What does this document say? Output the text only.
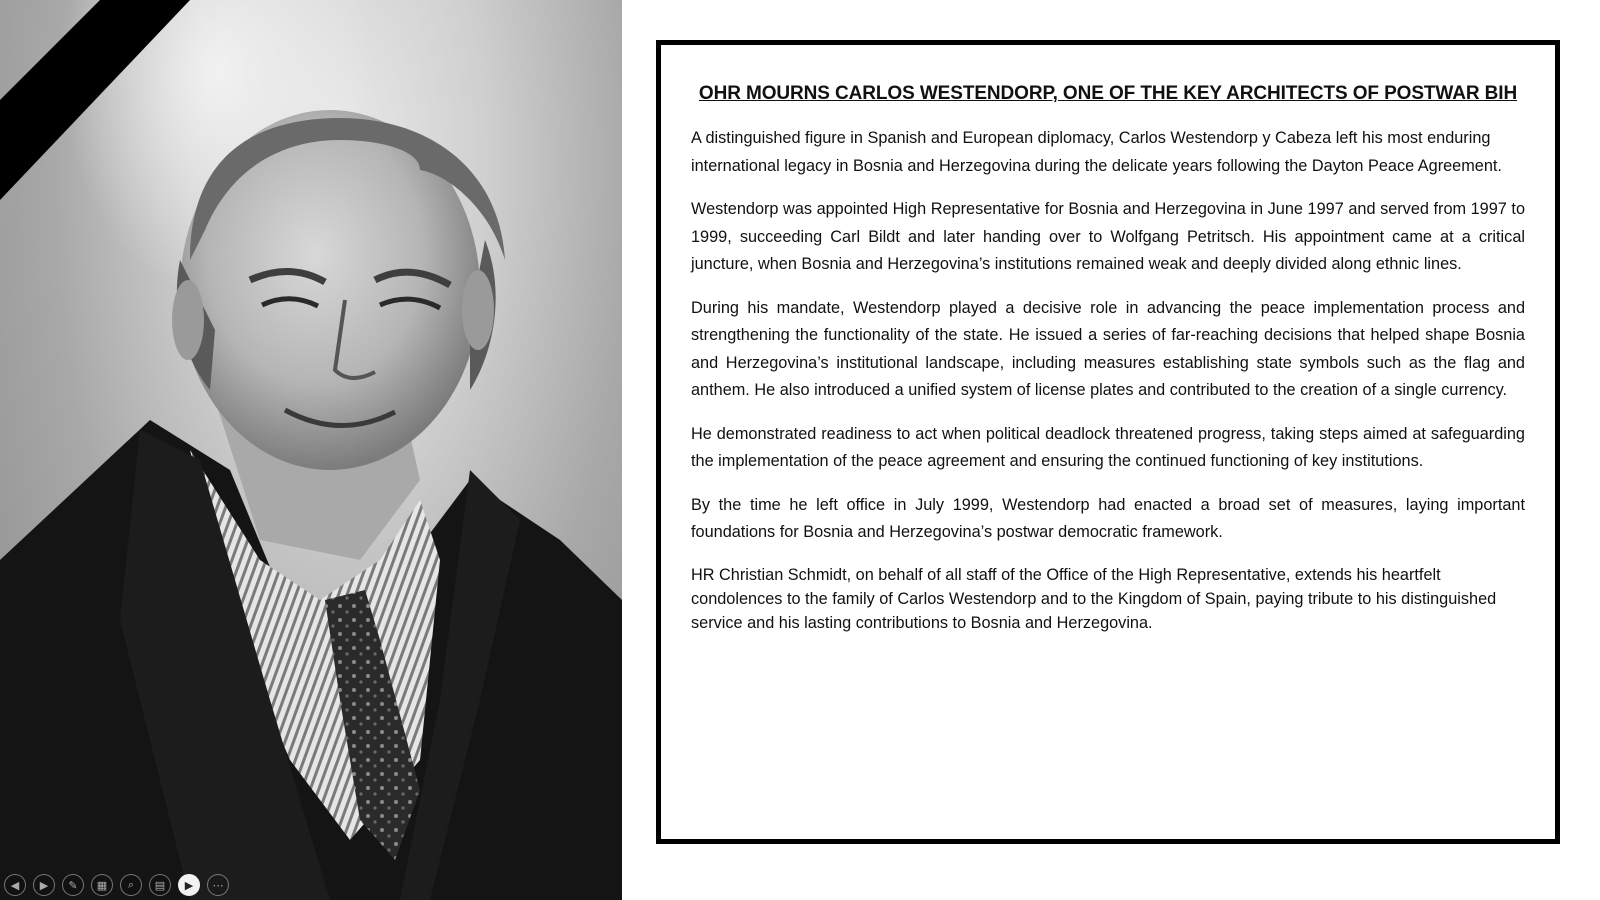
OHR MOURNS CARLOS WESTENDORP, ONE OF THE KEY ARCHITECTS OF POSTWAR BIH

A distinguished figure in Spanish and European diplomacy, Carlos Westendorp y Cabeza left his most enduring international legacy in Bosnia and Herzegovina during the delicate years following the Dayton Peace Agreement.

Westendorp was appointed High Representative for Bosnia and Herzegovina in June 1997 and served from 1997 to 1999, succeeding Carl Bildt and later handing over to Wolfgang Petritsch. His appointment came at a critical juncture, when Bosnia and Herzegovina’s institutions remained weak and deeply divided along ethnic lines.

During his mandate, Westendorp played a decisive role in advancing the peace implementation process and strengthening the functionality of the state. He issued a series of far-reaching decisions that helped shape Bosnia and Herzegovina’s institutional landscape, including measures establishing state symbols such as the flag and anthem. He also introduced a unified system of license plates and contributed to the creation of a single currency.

He demonstrated readiness to act when political deadlock threatened progress, taking steps aimed at safeguarding the implementation of the peace agreement and ensuring the continued functioning of key institutions.

By the time he left office in July 1999, Westendorp had enacted a broad set of measures, laying important foundations for Bosnia and Herzegovina’s postwar democratic framework.

HR Christian Schmidt, on behalf of all staff of the Office of the High Representative, extends his heartfelt condolences to the family of Carlos Westendorp and to the Kingdom of Spain, paying tribute to his distinguished service and his lasting contributions to Bosnia and Herzegovina.

◀	▶	✎	▦	⌕	▤	▶	⋯
